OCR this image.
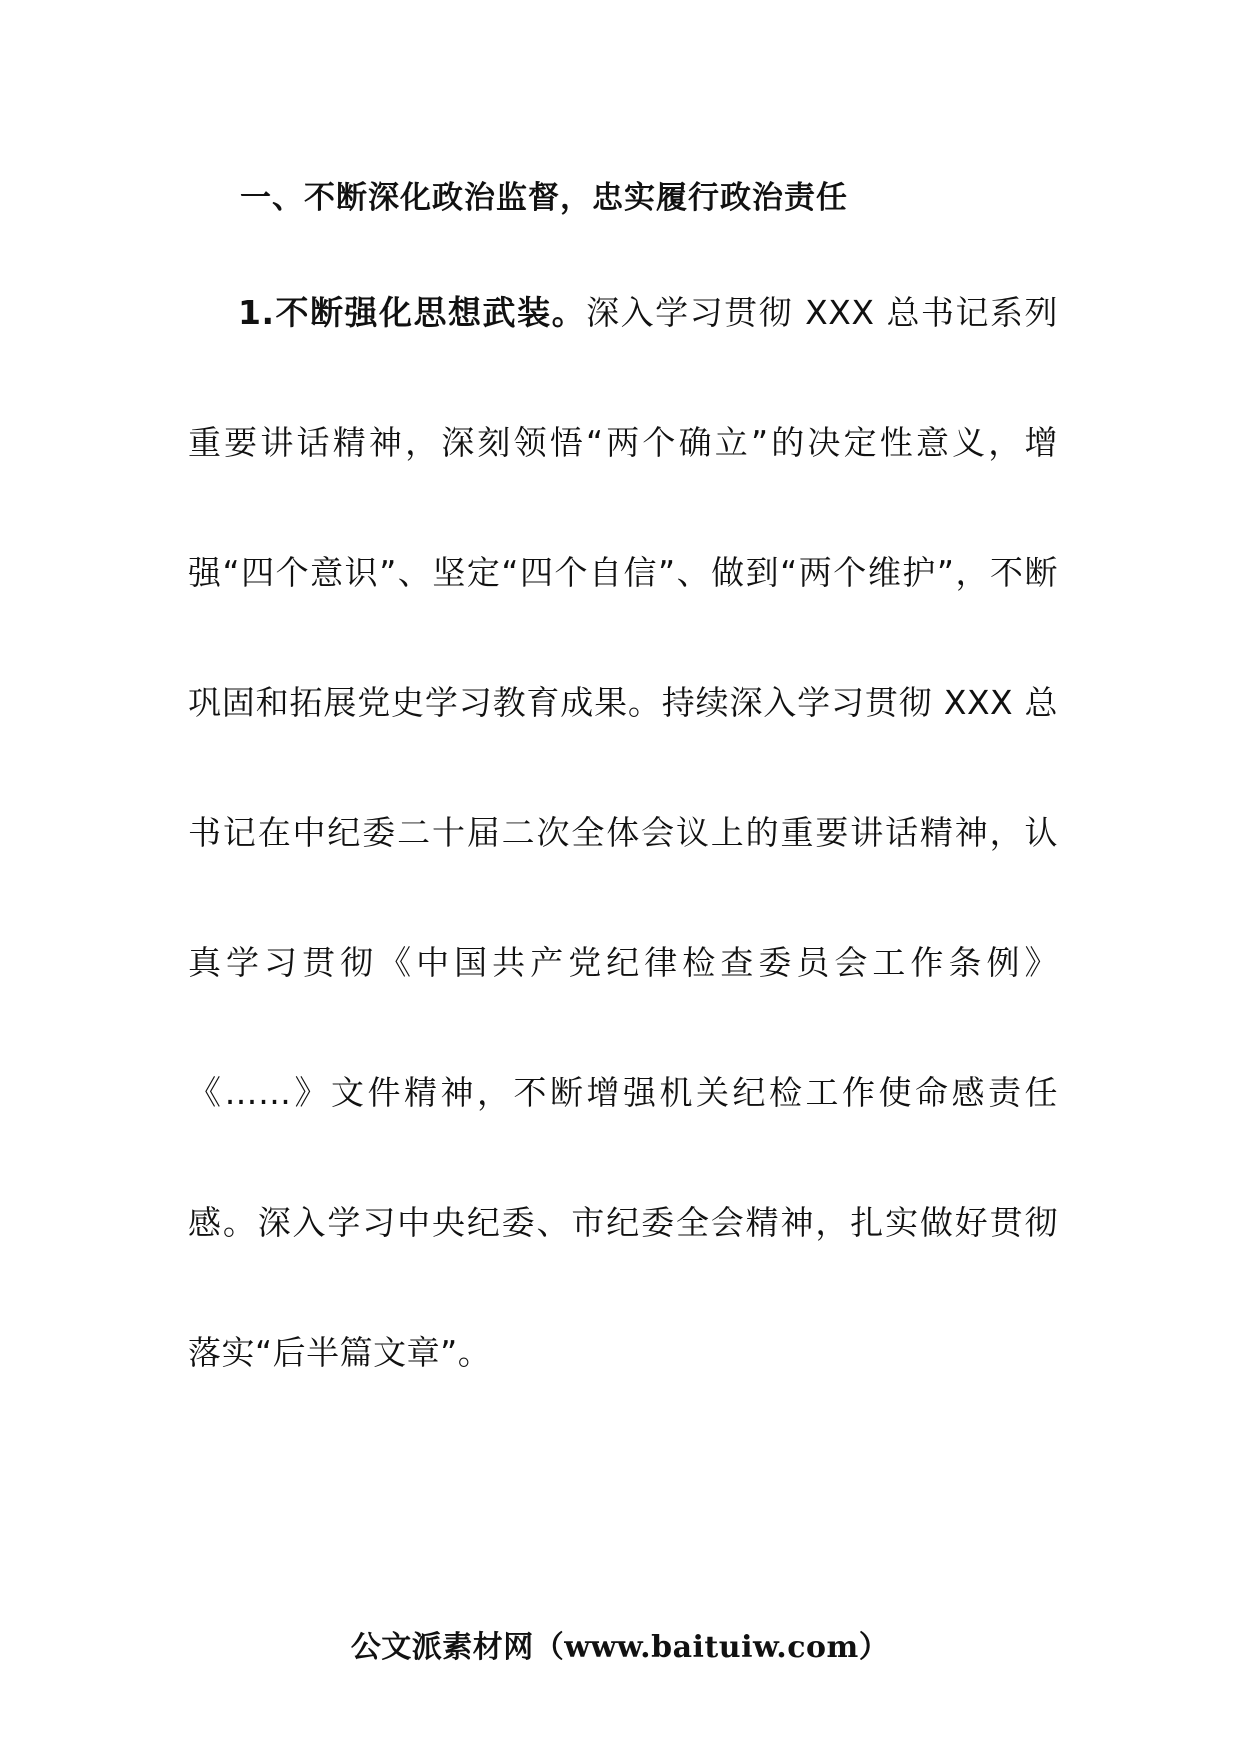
一、不断深化政治监督，忠实履行政治责任

1.不断强化思想武装。深入学习贯彻 XXX 总书记系列重要讲话精神，深刻领悟“两个确立”的决定性意义，增强“四个意识”、坚定“四个自信”、做到“两个维护”，不断巩固和拓展党史学习教育成果。持续深入学习贯彻 XXX 总书记在中纪委二十届二次全体会议上的重要讲话精神，认真学习贯彻《中国共产党纪律检查委员会工作条例》《……》文件精神，不断增强机关纪检工作使命感责任感。深入学习中央纪委、市纪委全会精神，扎实做好贯彻落实“后半篇文章”。

公文派素材网（www.baituiw.com）
